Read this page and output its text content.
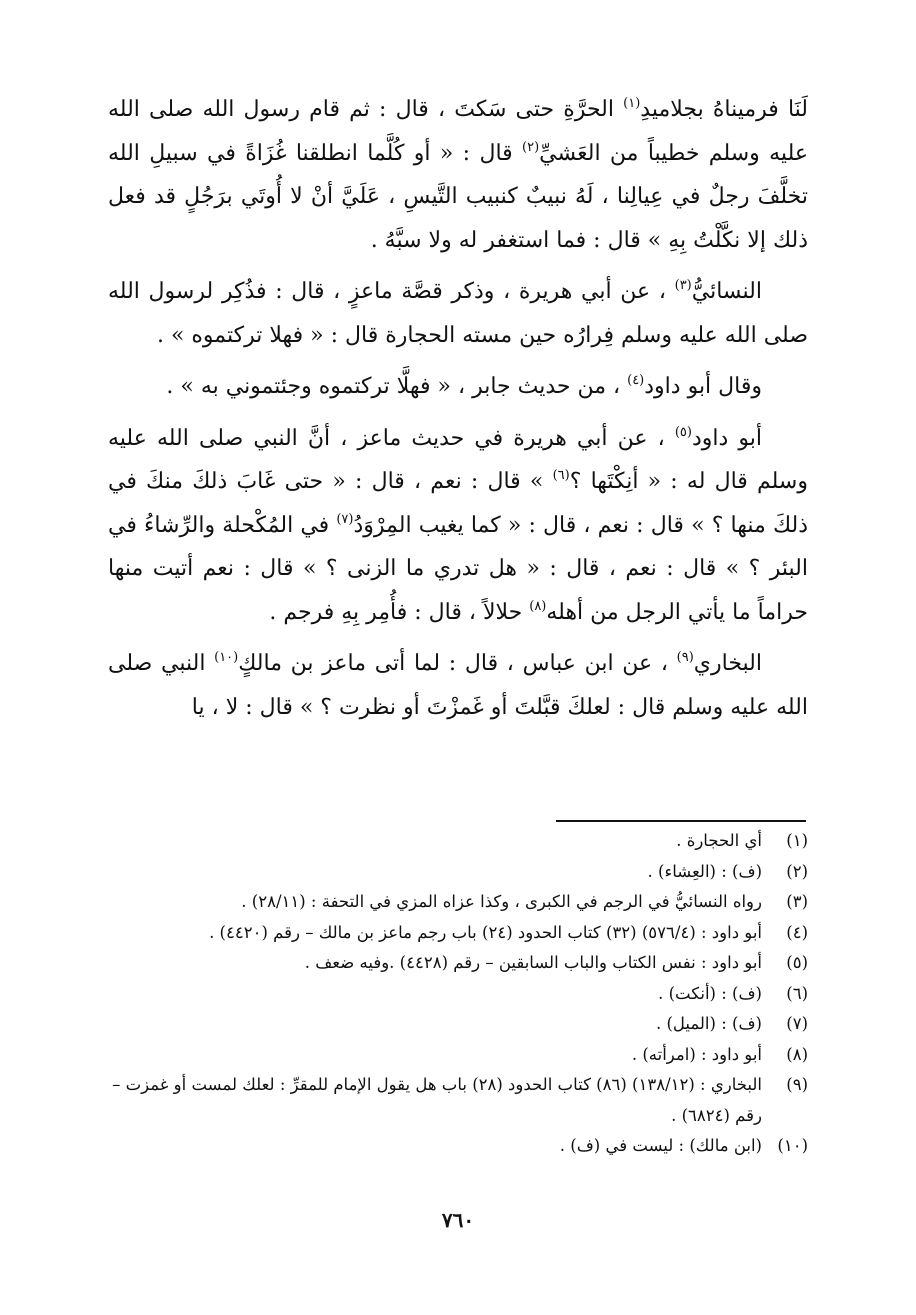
لَنَا فرميناهُ بجلاميدِ$^{(١)}$ الحرَّةِ حتى سَكتَ ، قال : ثم قام رسول الله صلى الله عليه وسلم خطيباً من العَشيِّ$^{(٢)}$ قال : « أو كُلَّما انطلقنا غُزَاةً في سبيلِ الله تخلَّفَ رجلٌ في عِيالِنا ، لَهُ نبيبٌ كنبيب التَّيسِ ، عَلَيَّ أنْ لا أُوتَي برَجُلٍ قد فعل ذلك إلا نكَّلْتُ بِهِ » قال : فما استغفر له ولا سبَّهُ .

النسائيُّ$^{(٣)}$ ، عن أبي هريرة ، وذكر قصَّة ماعزٍ ، قال : فذُكِر لرسول الله صلى الله عليه وسلم فِرارُه حين مسته الحجارة قال : « فهلا تركتموه » .

وقال أبو داود$^{(٤)}$ ، من حديث جابر ، « فهلَّا تركتموه وجئتموني به » .

أبو داود$^{(٥)}$ ، عن أبي هريرة في حديث ماعز ، أنَّ النبي صلى الله عليه وسلم قال له : « أنِكْتَها ؟$^{(٦)}$ » قال : نعم ، قال : « حتى غَابَ ذلكَ منكَ في ذلكَ منها ؟ » قال : نعم ، قال : « كما يغيب المِرْوَدُ$^{(٧)}$ في المُكْحلة والرِّشاءُ في البئر ؟ » قال : نعم ، قال : « هل تدري ما الزنى ؟ » قال : نعم أتيت منها حراماً ما يأتي الرجل من أهله$^{(٨)}$ حلالاً ، قال : فأُمِر بِهِ فرجم .

البخاري$^{(٩)}$ ، عن ابن عباس ، قال : لما أتى ماعز بن مالكٍ$^{(١٠)}$ النبي صلى الله عليه وسلم قال : لعلكَ قبَّلتَ أو غَمزْتَ أو نظرت ؟ » قال : لا ، يا

(١)
أي الحجارة .
(٢)
(ف) : (العِشاء) .
(٣)
رواه النسائيُّ في الرجم في الكبرى ، وكذا عزاه المزي في التحفة : (٢٨/١١) .
(٤)
أبو داود : (٥٧٦/٤) (٣٢) كتاب الحدود (٢٤) باب رجم ماعز بن مالك – رقم (٤٤٢٠) .
(٥)
أبو داود : نفس الكتاب والباب السابقين – رقم (٤٤٢٨) .وفيه ضعف .
(٦)
(ف) : (أنكت) .
(٧)
(ف) : (الميل) .
(٨)
أبو داود : (امرأته) .
(٩)
البخاري : (١٣٨/١٢) (٨٦) كتاب الحدود (٢٨) باب هل يقول الإمام للمقرِّ : لعلك لمست أو غمزت – رقم (٦٨٢٤) .
(١٠)
(ابن مالك) : ليست في (ف) .
٧٦٠
